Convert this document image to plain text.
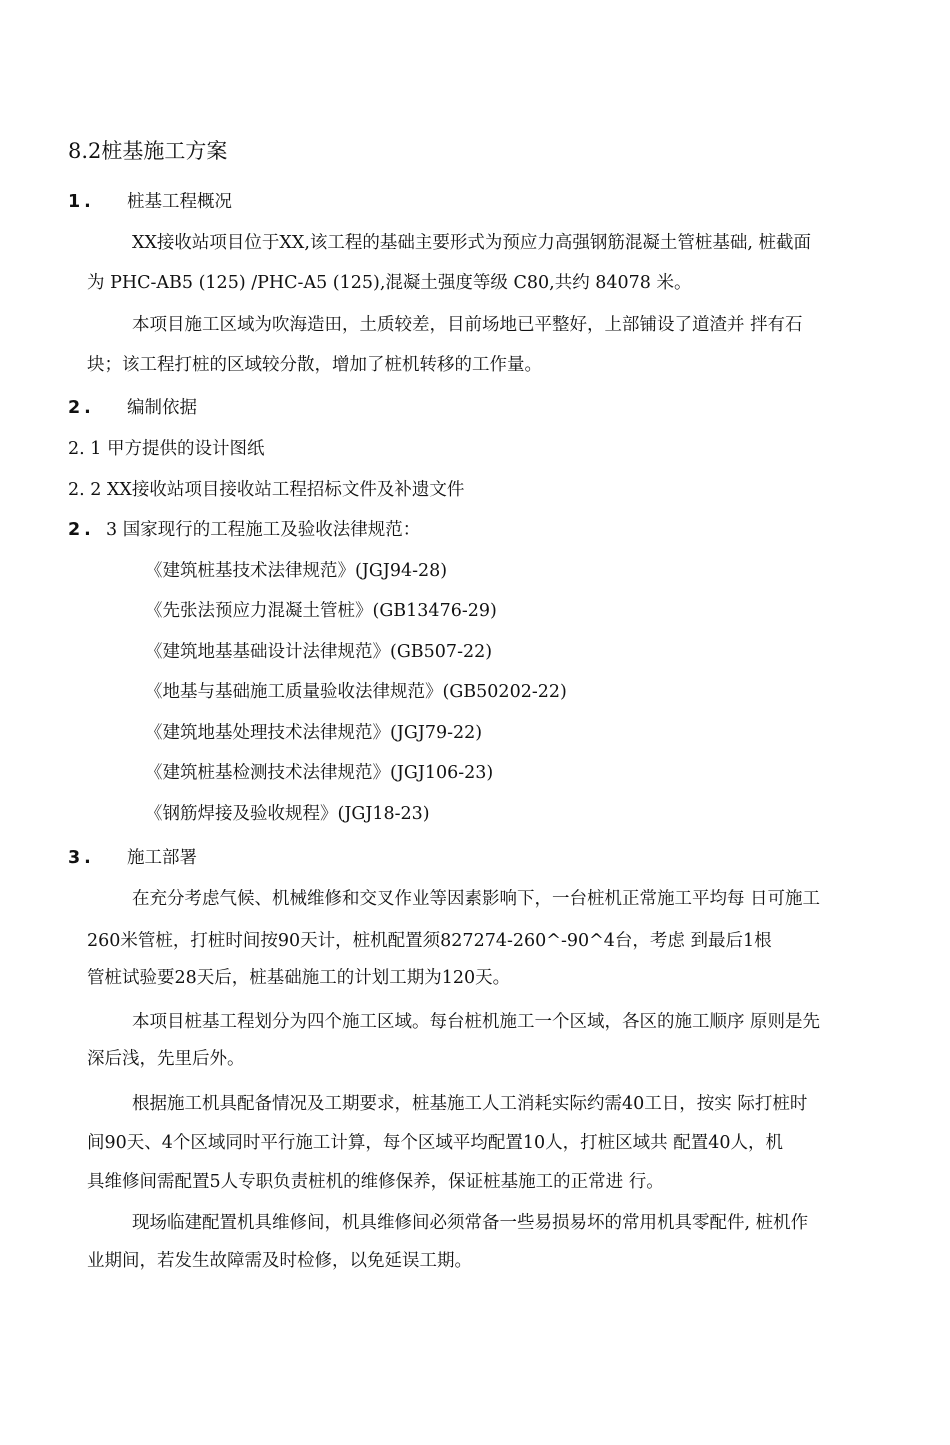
8.2桩基施工方案
1. 桩基工程概况
XX接收站项目位于XX,该工程的基础主要形式为预应力高强钢筋混凝土管桩基础, 桩截面
为 PHC-AB5 (125) /PHC-A5 (125),混凝土强度等级 C80,共约 84078 米。
本项目施工区域为吹海造田，土质较差，目前场地已平整好，上部铺设了道渣并 拌有石
块；该工程打桩的区域较分散，增加了桩机转移的工作量。
2. 编制依据
2. 1 甲方提供的设计图纸
2. 2 XX接收站项目接收站工程招标文件及补遗文件
2. 3 国家现行的工程施工及验收法律规范：
《建筑桩基技术法律规范》(JGJ94-28)
《先张法预应力混凝土管桩》(GB13476-29)
《建筑地基基础设计法律规范》(GB507-22)
《地基与基础施工质量验收法律规范》(GB50202-22)
《建筑地基处理技术法律规范》(JGJ79-22)
《建筑桩基检测技术法律规范》(JGJ106-23)
《钢筋焊接及验收规程》(JGJ18-23)
3. 施工部署
在充分考虑气候、机械维修和交叉作业等因素影响下，一台桩机正常施工平均每 日可施工
260米管桩，打桩时间按90天计，桩机配置须827274-260^-90^4台，考虑 到最后1根
管桩试验要28天后，桩基础施工的计划工期为120天。
本项目桩基工程划分为四个施工区域。每台桩机施工一个区域，各区的施工顺序 原则是先
深后浅，先里后外。
根据施工机具配备情况及工期要求，桩基施工人工消耗实际约需40工日，按实 际打桩时
间90天、4个区域同时平行施工计算，每个区域平均配置10人，打桩区域共 配置40人，机
具维修间需配置5人专职负责桩机的维修保养，保证桩基施工的正常进 行。
现场临建配置机具维修间，机具维修间必须常备一些易损易坏的常用机具零配件, 桩机作
业期间，若发生故障需及时检修，以免延误工期。
